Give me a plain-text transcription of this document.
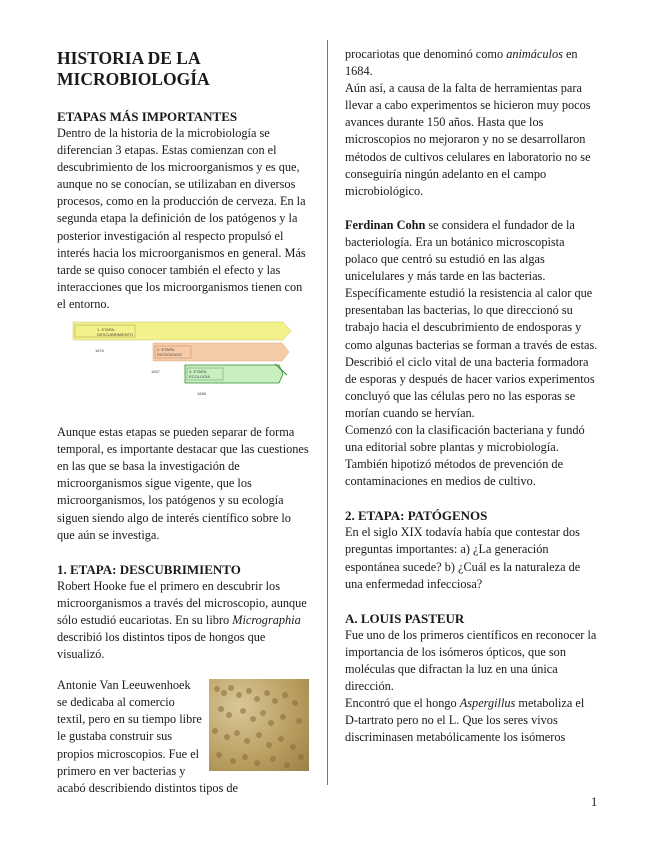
HISTORIA DE LA MICROBIOLOGÍA
ETAPAS MÁS IMPORTANTES

Dentro de la historia de la microbiología se diferencian 3 etapas. Estas comienzan con el descubrimiento de los microorganismos y es que, aunque no se conocían, se utilizaban en diversos procesos, como en la producción de cerveza. En la segunda etapa la definición de los patógenos y la posterior investigación al respecto propulsó el interés hacia los microorganismos en general. Más tarde se quiso conocer también el efecto y las interacciones que los microorganismos tienen con el entorno.

1. ETAPA: DESCUBRIMIENTO
2. ETAPA: PATÓGENOS
3. ETAPA: ECOLOGÍA
1676
1857
1888

Aunque estas etapas se pueden separar de forma temporal, es importante destacar que las cuestiones en las que se basa la investigación de microorganismos sigue vigente, que los microorganismos, los patógenos y su ecología siguen siendo algo de interés científico sobre lo que aún se investiga.

1. ETAPA: DESCUBRIMIENTO

Robert Hooke fue el primero en descubrir los microorganismos a través del microscopio, aunque sólo estudió eucariotas. En su libro Micrographia describió los distintos tipos de hongos que visualizó.

Antonie Van Leeuwenhoek se dedicaba al comercio textil, pero en su tiempo libre le gustaba construir sus propios microscopios. Fue el primero en ver bacterias y acabó describiendo distintos tipos de

procariotas que denominó como animáculos en 1684.

Aún así, a causa de la falta de herramientas para llevar a cabo experimentos se hicieron muy pocos avances durante 150 años. Hasta que los microscopios no mejoraron y no se desarrollaron métodos de cultivos celulares en laboratorio no se conseguiría ningún adelanto en el campo microbiológico.

Ferdinan Cohn se considera el fundador de la bacteriología. Era un botánico microscopista polaco que centró su estudió en las algas unicelulares y más tarde en las bacterias. Específicamente estudió la resistencia al calor que presentaban las bacterias, lo que direccionó su trabajo hacia el descubrimiento de endosporas y como algunas bacterias se forman a través de estas. Describió el ciclo vital de una bacteria formadora de esporas y después de hacer varios experimentos concluyó que las células pero no las esporas se morían cuando se hervían.

Comenzó con la clasificación bacteriana y fundó una editorial sobre plantas y microbiología. También hipotizó métodos de prevención de contaminaciones en medios de cultivo.

2. ETAPA: PATÓGENOS

En el siglo XIX todavía había que contestar dos preguntas importantes: a) ¿La generación espontánea sucede? b) ¿Cuál es la naturaleza de una enfermedad infecciosa?

A. LOUIS PASTEUR

Fue uno de los primeros científicos en reconocer la importancia de los isómeros ópticos, que son moléculas que difractan la luz en una única dirección.

Encontró que el hongo Aspergillus metaboliza el D-tartrato pero no el L. Que los seres vivos discriminasen metabólicamente los isómeros

1
